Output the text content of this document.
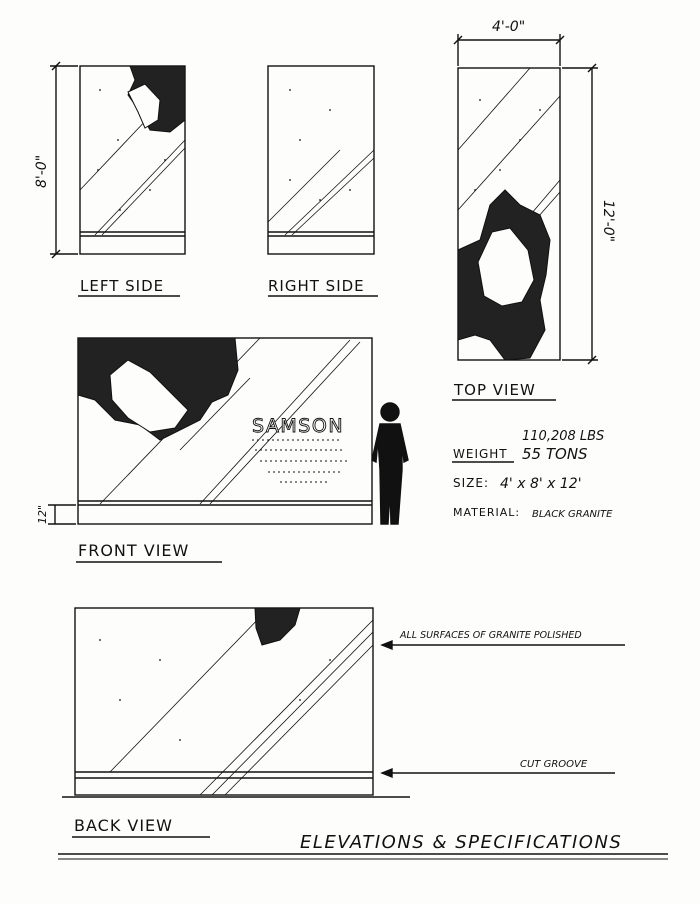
LEFT SIDE	RIGHT SIDE
TOP VIEW
FRONT VIEW
BACK VIEW
8'-0"
4'-0"
12'-0"
12"
SAMSON	110,208 LBS
WEIGHT 55 TONS
SIZE: 4' x 8' x 12'
MATERIAL: BLACK GRANITE
ALL SURFACES OF GRANITE POLISHED
CUT GROOVE
ELEVATIONS & SPECIFICATIONS
